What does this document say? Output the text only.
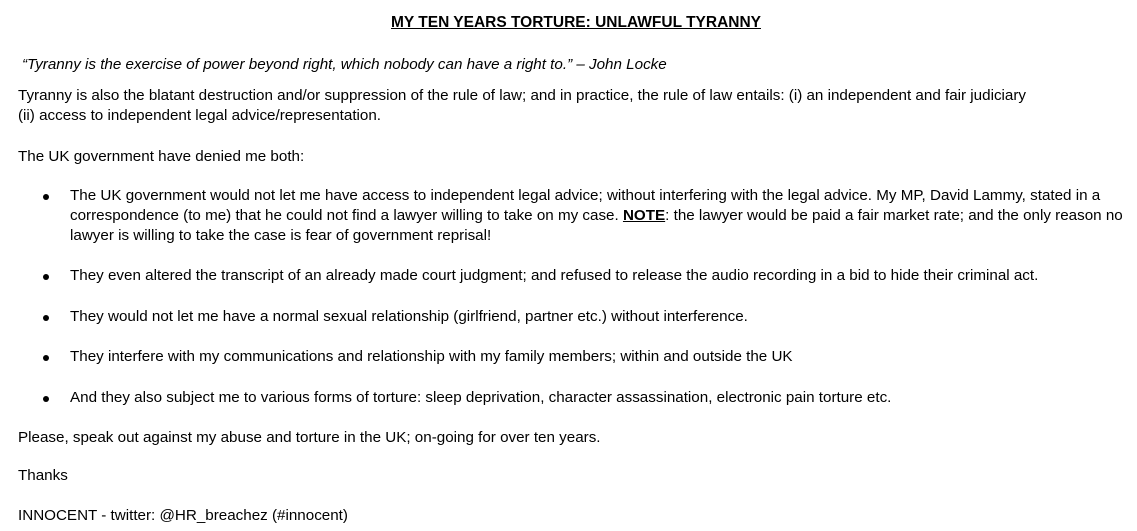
MY TEN YEARS TORTURE: UNLAWFUL TYRANNY
“Tyranny is the exercise of power beyond right, which nobody can have a right to.” – John Locke
Tyranny is also the blatant destruction and/or suppression of the rule of law; and in practice, the rule of law entails: (i) an independent and fair judiciary
(ii) access to independent legal advice/representation.
The UK government have denied me both:
The UK government would not let me have access to independent legal advice; without interfering with the legal advice. My MP, David Lammy, stated in a correspondence (to me) that he could not find a lawyer willing to take on my case. NOTE: the lawyer would be paid a fair market rate; and the only reason no lawyer is willing to take the case is fear of government reprisal!
They even altered the transcript of an already made court judgment; and refused to release the audio recording in a bid to hide their criminal act.
They would not let me have a normal sexual relationship (girlfriend, partner etc.) without interference.
They interfere with my communications and relationship with my family members; within and outside the UK
And they also subject me to various forms of torture: sleep deprivation, character assassination, electronic pain torture etc.
Please, speak out against my abuse and torture in the UK; on-going for over ten years.
Thanks
INNOCENT - twitter: @HR_breachez (#innocent)
